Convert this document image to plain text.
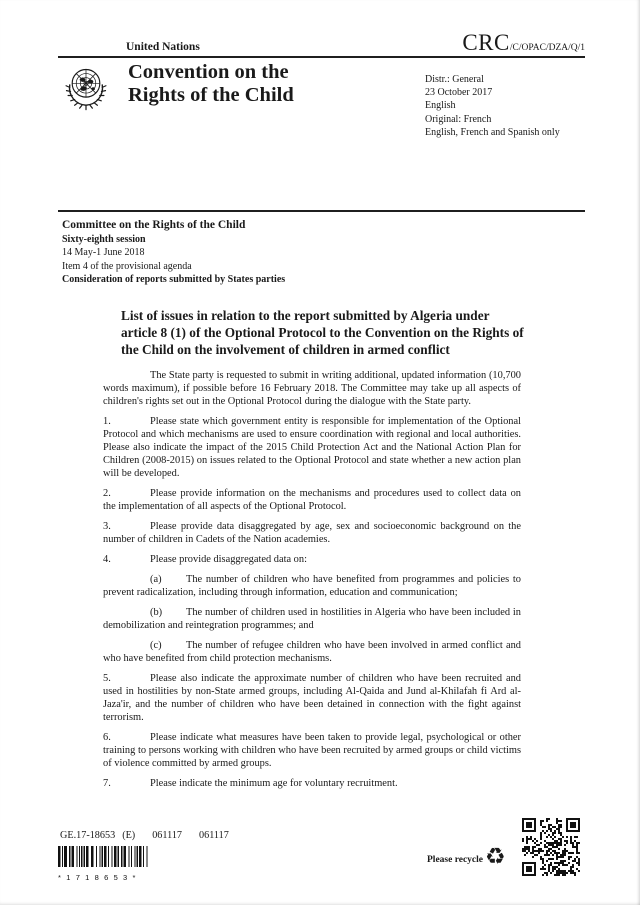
United Nations	CRC/C/OPAC/DZA/Q/1
Convention on the
Rights of the Child
Distr.: General
23 October 2017
English
Original: French
English, French and Spanish only
Committee on the Rights of the Child
Sixty-eighth session
14 May-1 June 2018
Item 4 of the provisional agenda
Consideration of reports submitted by States parties
List of issues in relation to the report submitted by Algeria under article 8 (1) of the Optional Protocol to the Convention on the Rights of the Child on the involvement of children in armed conflict

The State party is requested to submit in writing additional, updated information (10,700 words maximum), if possible before 16 February 2018. The Committee may take up all aspects of children's rights set out in the Optional Protocol during the dialogue with the State party.

1.	Please state which government entity is responsible for implementation of the Optional Protocol and which mechanisms are used to ensure coordination with regional and local authorities. Please also indicate the impact of the 2015 Child Protection Act and the National Action Plan for Children (2008-2015) on issues related to the Optional Protocol and state whether a new action plan will be developed.

2.	Please provide information on the mechanisms and procedures used to collect data on the implementation of all aspects of the Optional Protocol.

3.	Please provide data disaggregated by age, sex and socioeconomic background on the number of children in Cadets of the Nation academies.

4.	Please provide disaggregated data on:

(a) The number of children who have benefited from programmes and policies to prevent radicalization, including through information, education and communication;

(b) The number of children used in hostilities in Algeria who have been included in demobilization and reintegration programmes; and

(c) The number of refugee children who have been involved in armed conflict and who have benefited from child protection mechanisms.

5.	Please also indicate the approximate number of children who have been recruited and used in hostilities by non-State armed groups, including Al-Qaida and Jund al-Khilafah fi Ard al-Jaza'ir, and the number of children who have been detained in connection with the fight against terrorism.

6.	Please indicate what measures have been taken to provide legal, psychological or other training to persons working with children who have been recruited by armed groups or child victims of violence committed by armed groups.

7.	Please indicate the minimum age for voluntary recruitment.

GE.17-18653 (E) 061117 061117
*1718653*
Please recycle ♻
